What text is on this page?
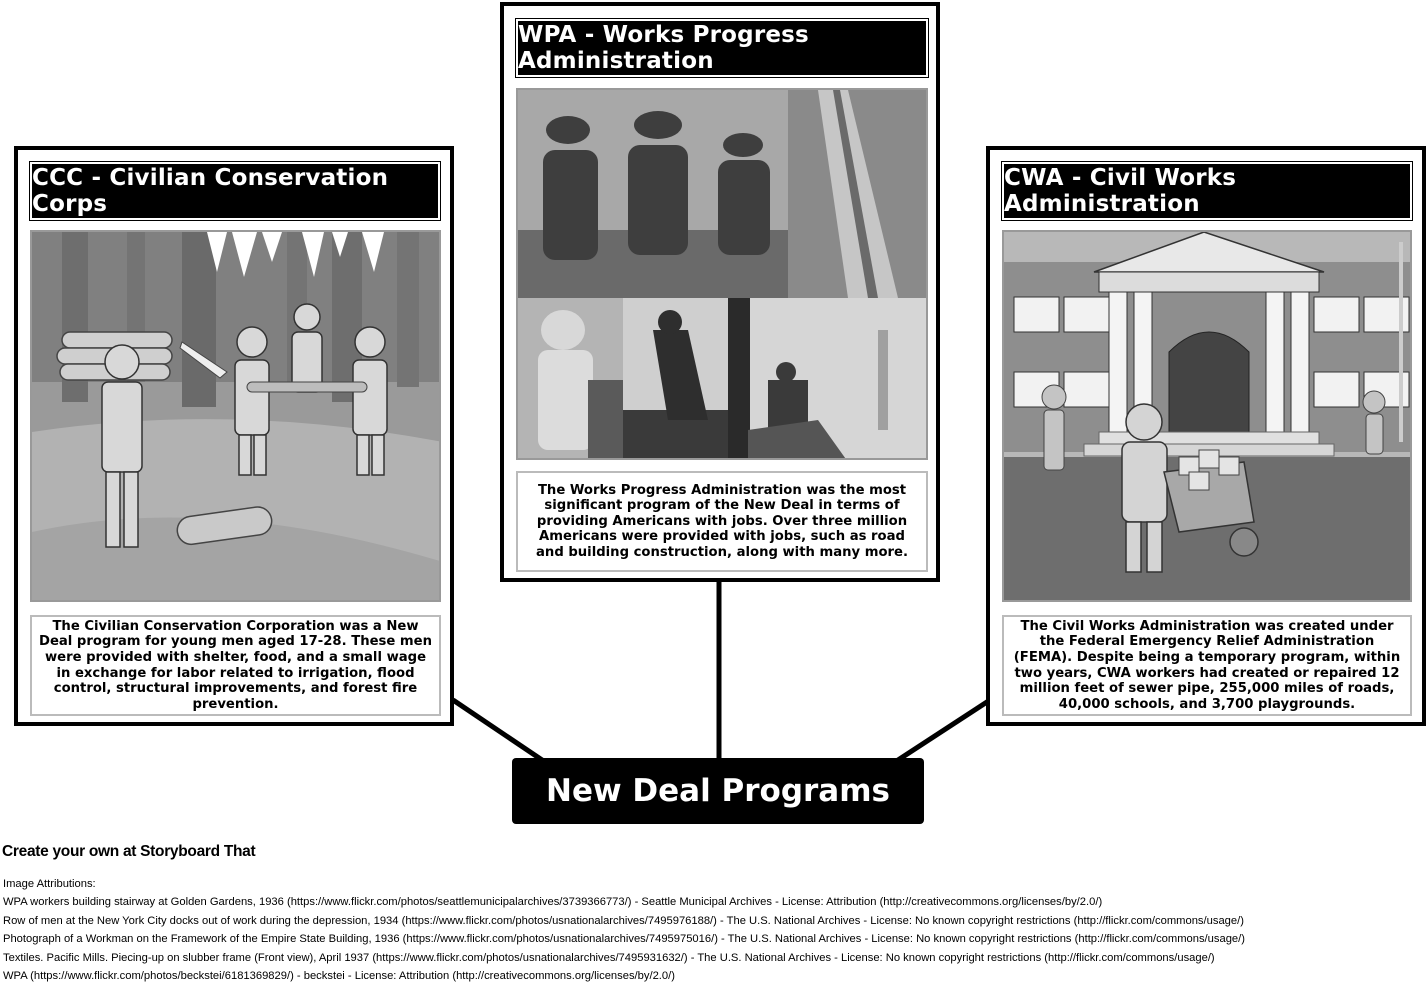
CCC - Civilian Conservation Corps
The Civilian Conservation Corporation was a New Deal program for young men aged 17-28. These men were provided with shelter, food, and a small wage in exchange for labor related to irrigation, flood control, structural improvements, and forest fire prevention.
WPA - Works Progress Administration
The Works Progress Administration was the most significant program of the New Deal in terms of providing Americans with jobs. Over three million Americans were provided with jobs, such as road and building construction, along with many more.
CWA - Civil Works Administration
The Civil Works Administration was created under the Federal Emergency Relief Administration (FEMA). Despite being a temporary program, within two years, CWA workers had created or repaired 12 million feet of sewer pipe, 255,000 miles of roads, 40,000 schools, and 3,700 playgrounds.
New Deal Programs
Create your own at Storyboard That
Image Attributions:
WPA workers building stairway at Golden Gardens, 1936 (https://www.flickr.com/photos/seattlemunicipalarchives/3739366773/) - Seattle Municipal Archives - License: Attribution (http://creativecommons.org/licenses/by/2.0/)
Row of men at the New York City docks out of work during the depression, 1934 (https://www.flickr.com/photos/usnationalarchives/7495976188/) - The U.S. National Archives - License: No known copyright restrictions (http://flickr.com/commons/usage/)
Photograph of a Workman on the Framework of the Empire State Building, 1936 (https://www.flickr.com/photos/usnationalarchives/7495975016/) - The U.S. National Archives - License: No known copyright restrictions (http://flickr.com/commons/usage/)
Textiles. Pacific Mills. Piecing-up on slubber frame (Front view), April 1937 (https://www.flickr.com/photos/usnationalarchives/7495931632/) - The U.S. National Archives - License: No known copyright restrictions (http://flickr.com/commons/usage/)
WPA (https://www.flickr.com/photos/beckstei/6181369829/) - beckstei - License: Attribution (http://creativecommons.org/licenses/by/2.0/)
